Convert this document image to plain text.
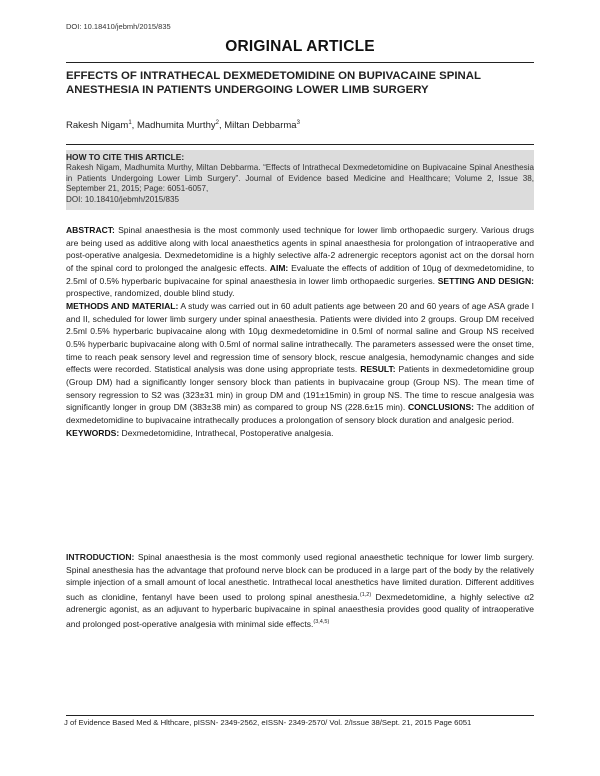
DOI: 10.18410/jebmh/2015/835
ORIGINAL ARTICLE
EFFECTS OF INTRATHECAL DEXMEDETOMIDINE ON BUPIVACAINE SPINAL ANESTHESIA IN PATIENTS UNDERGOING LOWER LIMB SURGERY
Rakesh Nigam$^1$, Madhumita Murthy$^2$, Miltan Debbarma$^3$
HOW TO CITE THIS ARTICLE:
Rakesh Nigam, Madhumita Murthy, Miltan Debbarma. “Effects of Intrathecal Dexmedetomidine on Bupivacaine Spinal Anesthesia in Patients Undergoing Lower Limb Surgery”. Journal of Evidence based Medicine and Healthcare; Volume 2, Issue 38, September 21, 2015; Page: 6051-6057,
DOI: 10.18410/jebmh/2015/835
ABSTRACT: Spinal anaesthesia is the most commonly used technique for lower limb orthopaedic surgery. Various drugs are being used as additive along with local anaesthetics agents in spinal anaesthesia for prolongation of intraoperative and post-operative analgesia. Dexmedetomidine is a highly selective alfa-2 adrenergic receptors agonist act on the dorsal horn of the spinal cord to prolonged the analgesic effects. AIM: Evaluate the effects of addition of 10µg of dexmedetomidine, to 2.5ml of 0.5% hyperbaric bupivacaine for spinal anaesthesia in lower limb orthopaedic surgeries. SETTING AND DESIGN: prospective, randomized, double blind study.
METHODS AND MATERIAL: A study was carried out in 60 adult patients age between 20 and 60 years of age ASA grade I and II, scheduled for lower limb surgery under spinal anaesthesia. Patients were divided into 2 groups. Group DM received 2.5ml 0.5% hyperbaric bupivacaine along with 10µg dexmedetomidine in 0.5ml of normal saline and Group NS received 0.5% hyperbaric bupivacaine along with 0.5ml of normal saline intrathecally. The parameters assessed were the onset time, time to reach peak sensory level and regression time of sensory block, rescue analgesia, hemodynamic changes and side effects were recorded. Statistical analysis was done using appropriate tests. RESULT: Patients in dexmedetomidine group (Group DM) had a significantly longer sensory block than patients in bupivacaine group (Group NS). The mean time of sensory regression to S2 was (323±31 min) in group DM and (191±15min) in group NS. The time to rescue analgesia was significantly longer in group DM (383±38 min) as compared to group NS (228.6±15 min). CONCLUSIONS: The addition of dexmedetomidine to bupivacaine intrathecally produces a prolongation of sensory block duration and analgesic period.
KEYWORDS: Dexmedetomidine, Intrathecal, Postoperative analgesia.
INTRODUCTION: Spinal anaesthesia is the most commonly used regional anaesthetic technique for lower limb surgery. Spinal anesthesia has the advantage that profound nerve block can be produced in a large part of the body by the relatively simple injection of a small amount of local anesthetic. Intrathecal local anesthetics have limited duration. Different additives such as clonidine, fentanyl have been used to prolong spinal anesthesia.$^{(1,2)}$ Dexmedetomidine, a highly selective α2 adrenergic agonist, as an adjuvant to hyperbaric bupivacaine in spinal anaesthesia provides good quality of intraoperative and prolonged post-operative analgesia with minimal side effects.$^{(3,4,5)}$
J of Evidence Based Med & Hlthcare, pISSN- 2349-2562, eISSN- 2349-2570/ Vol. 2/Issue 38/Sept. 21, 2015 Page 6051
